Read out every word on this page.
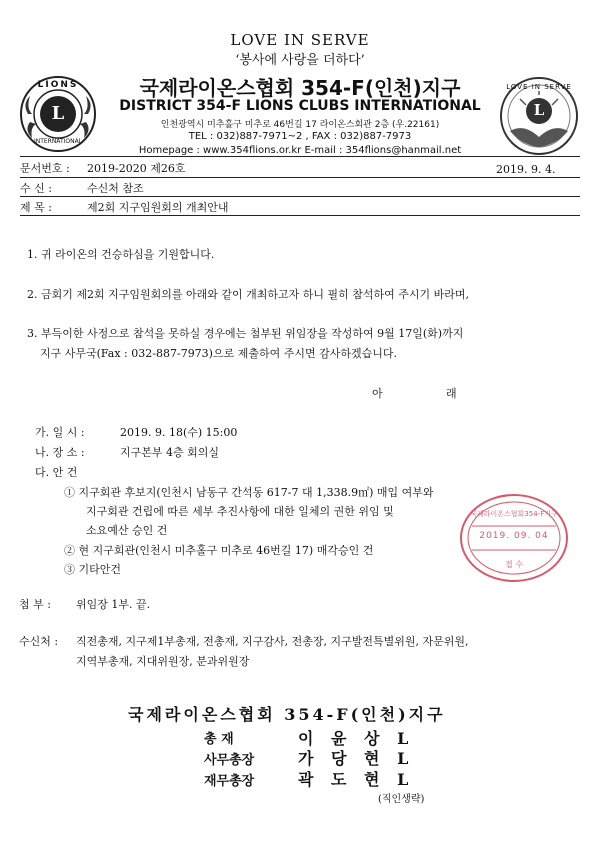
LOVE IN SERVE
‘봉사에 사랑을 더하다’
L
LIONS
INTERNATIONAL
L
LOVE IN SERVE
국제라이온스협회 354-F(인천)지구
DISTRICT 354-F LIONS CLUBS INTERNATIONAL
인천광역시 미추홀구 미추로 46번길 17 라이온스회관 2층 (우.22161)
TEL : 032)887-7971~2 , FAX : 032)887-7973
Homepage : www.354flions.or.kr E-mail : 354flions@hanmail.net
문서번호 : 2019-2020 제26호	2019. 9. 4.
수 신 :	수신처 참조
제 목 :	제2회 지구임원회의 개최안내
1. 귀 라이온의 건승하심을 기원합니다.
2. 금회기 제2회 지구임원회의를 아래와 같이 개최하고자 하니 필히 참석하여 주시기 바라며,
3. 부득이한 사정으로 참석을 못하실 경우에는 첨부된 위임장을 작성하여 9월 17일(화)까지
지구 사무국(Fax : 032-887-7973)으로 제출하여 주시면 감사하겠습니다.
아	래
가. 일 시 :	2019. 9. 18(수) 15:00
나. 장 소 :	지구본부 4층 회의실
다. 안 건
① 지구회관 후보지(인천시 남동구 간석동 617-7 대 1,338.9㎡) 매입 여부와
지구회관 건립에 따른 세부 추진사항에 대한 일체의 권한 위임 및
소요예산 승인 건
② 현 지구회관(인천시 미추홀구 미추로 46번길 17) 매각승인 건
③ 기타안건
국제라이온스협회354-F지구
접 수
2019. 09. 04
첨 부 : 위임장 1부. 끝.
수신처 : 직전총재, 지구제1부총재, 전총재, 지구감사, 전총장, 지구발전특별위원, 자문위원,
지역부총재, 지대위원장, 분과위원장
국제라이온스협회 354-F(인천)지구
총 재	이 윤 상 L
사무총장	가 당 현 L
재무총장	곽 도 현 L
(직인생략)
